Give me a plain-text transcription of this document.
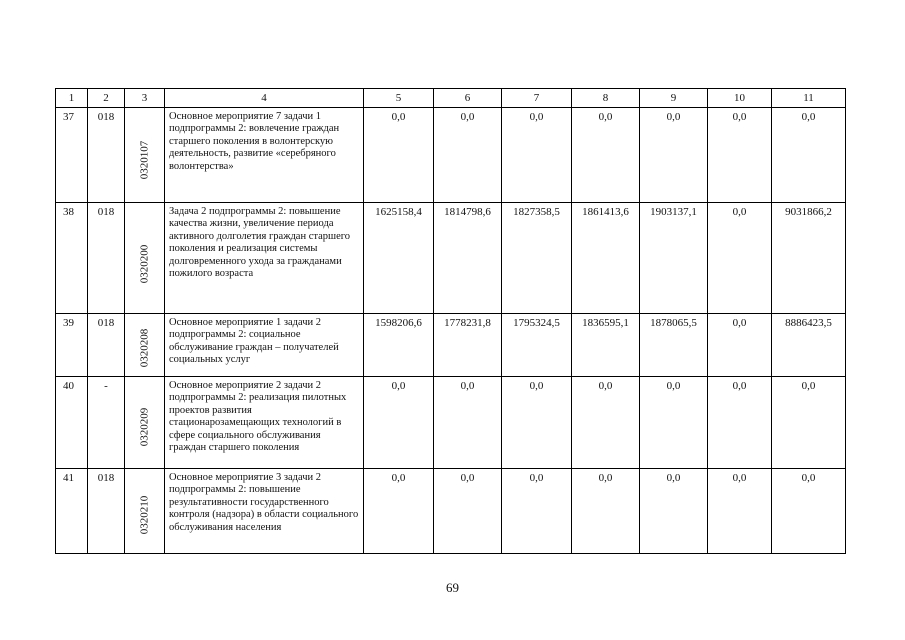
1	2	3	4	5	6	7	8	9	10	11
37	018	0320107	Основное мероприятие 7 задачи 1 подпрограммы 2: вовлечение граждан старшего поколения в волонтерскую деятельность, развитие «серебряного волонтерства»	0,0	0,0	0,0	0,0	0,0	0,0	0,0
38	018	0320200	Задача 2 подпрограммы 2: повышение качества жизни, увеличение периода активного долголетия граждан старшего поколения и реализация системы долговременного ухода за гражданами пожилого возраста	1625158,4	1814798,6	1827358,5	1861413,6	1903137,1	0,0	9031866,2
39	018	0320208	Основное мероприятие 1 задачи 2 подпрограммы 2: социальное обслуживание граждан – получателей социальных услуг	1598206,6	1778231,8	1795324,5	1836595,1	1878065,5	0,0	8886423,5
40	-	0320209	Основное мероприятие 2 задачи 2 подпрограммы 2: реализация пилотных проектов развития стационарозамещающих технологий в сфере социального обслуживания граждан старшего поколения	0,0	0,0	0,0	0,0	0,0	0,0	0,0
41	018	0320210	Основное мероприятие 3 задачи 2 подпрограммы 2: повышение результативности государственного контроля (надзора) в области социального обслуживания населения	0,0	0,0	0,0	0,0	0,0	0,0	0,0
69
